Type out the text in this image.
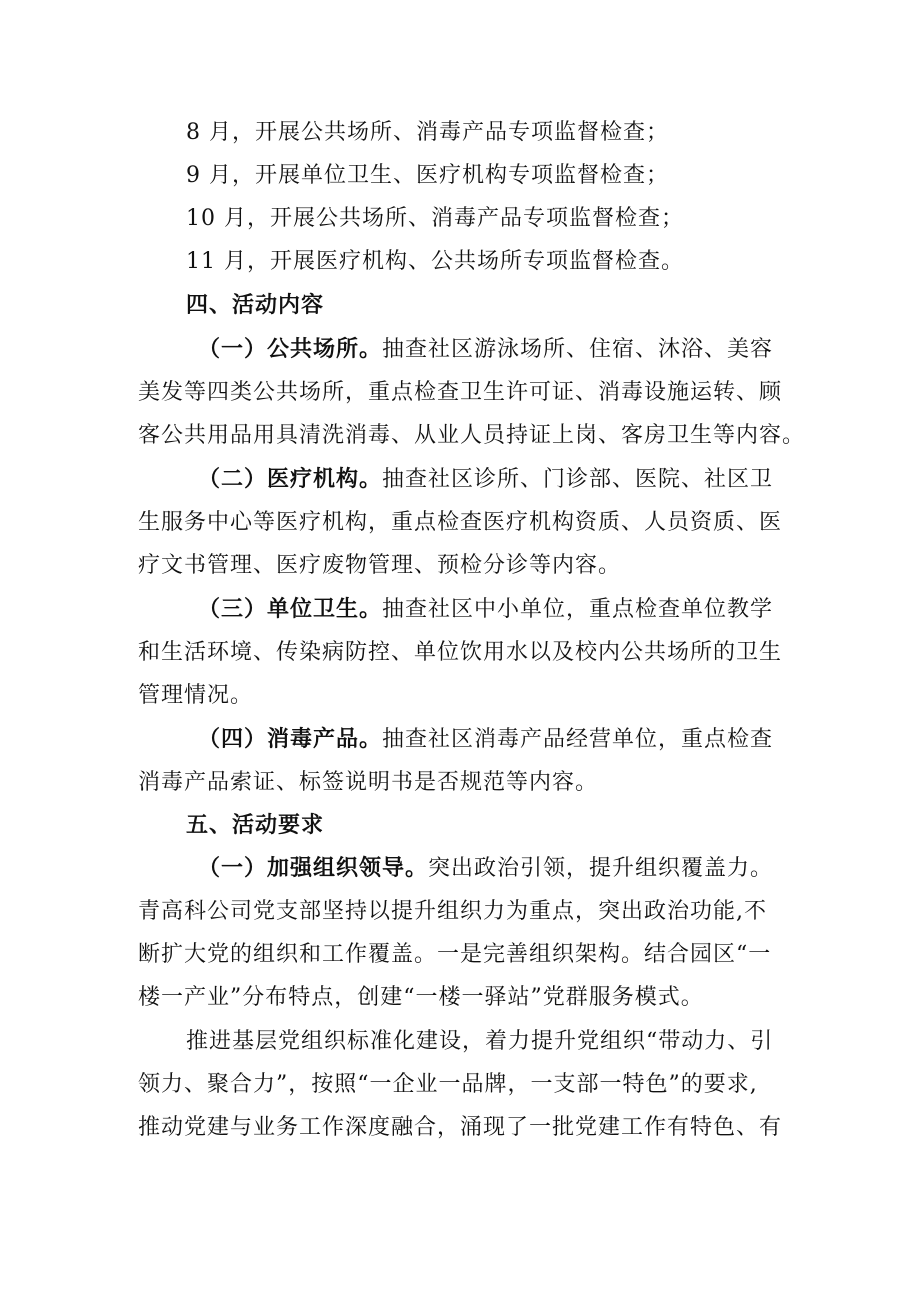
8 月，开展公共场所、消毒产品专项监督检查；
9 月，开展单位卫生、医疗机构专项监督检查；
10 月，开展公共场所、消毒产品专项监督检查；
11 月，开展医疗机构、公共场所专项监督检查。
四、活动内容
（一）公共场所。抽查社区游泳场所、住宿、沐浴、美容
美发等四类公共场所，重点检查卫生许可证、消毒设施运转、顾
客公共用品用具清洗消毒、从业人员持证上岗、客房卫生等内容。
（二）医疗机构。抽查社区诊所、门诊部、医院、社区卫
生服务中心等医疗机构，重点检查医疗机构资质、人员资质、医
疗文书管理、医疗废物管理、预检分诊等内容。
（三）单位卫生。抽查社区中小单位，重点检查单位教学
和生活环境、传染病防控、单位饮用水以及校内公共场所的卫生
管理情况。
（四）消毒产品。抽查社区消毒产品经营单位，重点检查
消毒产品索证、标签说明书是否规范等内容。
五、活动要求
（一）加强组织领导。突出政治引领，提升组织覆盖力。
青高科公司党支部坚持以提升组织力为重点，突出政治功能,不
断扩大党的组织和工作覆盖。一是完善组织架构。结合园区“一
楼一产业”分布特点，创建“一楼一驿站”党群服务模式。
推进基层党组织标准化建设，着力提升党组织“带动力、引
领力、聚合力”，按照“一企业一品牌，一支部一特色”的要求,
推动党建与业务工作深度融合，涌现了一批党建工作有特色、有
